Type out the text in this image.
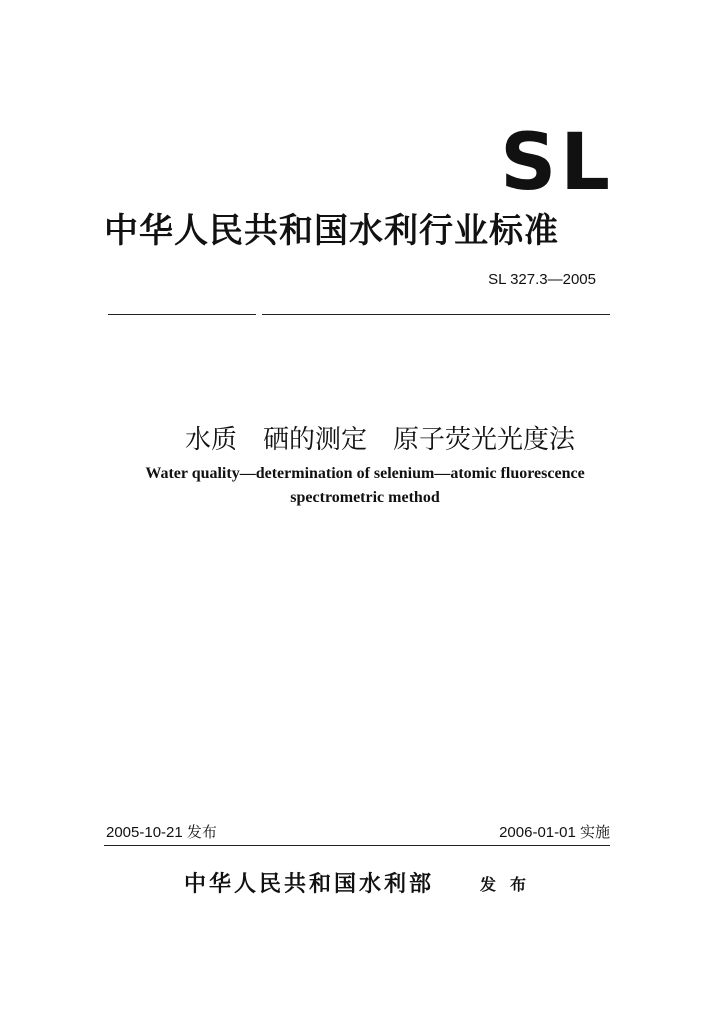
SL
中华人民共和国水利行业标准
SL 327.3—2005
水质　硒的测定　原子荧光光度法
Water quality—determination of selenium—atomic fluorescence
spectrometric method
2005-10-21 发布	2006-01-01 实施
中华人民共和国水利部	发布
